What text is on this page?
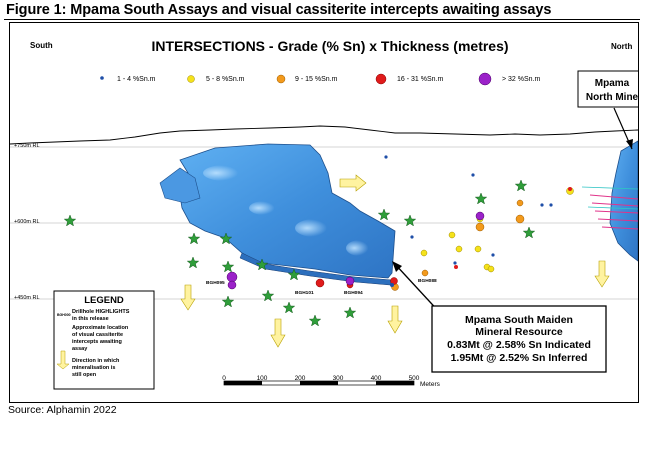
Figure 1: Mpama South Assays and visual cassiterite intercepts awaiting assays
South	North
INTERSECTIONS - Grade (% Sn) x Thickness (metres)
1 - 4 %Sn.m	5 - 8 %Sn.m	9 - 15 %Sn.m	16 - 31 %Sn.m	> 32 %Sn.m
+750m RL
+600m RL
+450m RL
Mpama
North Mine
BGH095
BGH101	BGH094
BGH088
LEGEND
BGH000 Drillhole HIGHLIGHTS
in this release
Approximate location
of visual cassiterite
intercepts awaiting
assay
Direction in which
mineralisation is
still open
Mpama South Maiden
Mineral Resource
0.83Mt @ 2.58% Sn Indicated
1.95Mt @ 2.52% Sn Inferred
0	100	200	300	400	500
Meters
Source: Alphamin 2022
